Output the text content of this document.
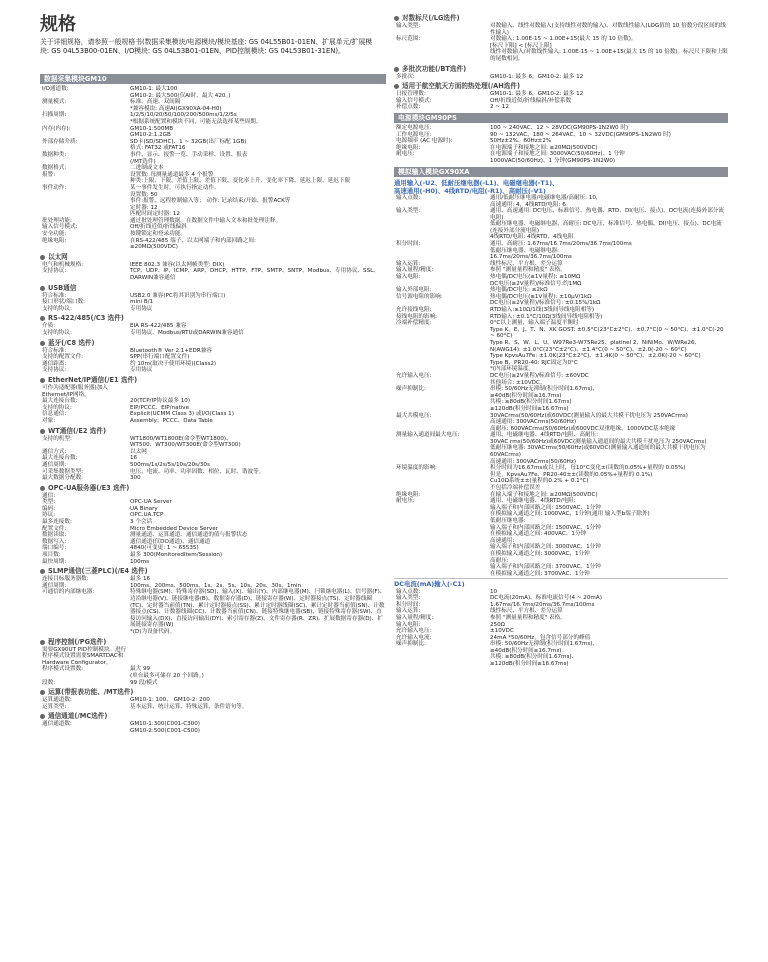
规格
关于详细规格，请参照一般规格书(数据采集模块/电源模块/模块基座: GS 04L55B01-01EN、扩展单元/扩展模块: GS 04L53B00-01EN、I/O模块: GS 04L53B01-01EN、PID控制模块: GS 04L53B01-31EN)。
数据采集模块GM10
I/O通道数:	GM10-1: 最大100
GM10-2: 最大500(仅AI时，最大 420。)
测量模式:	标准、高速、双间隔
*兼容模块: 高速AI(GX90XA-04-H0)
扫描周期:	1/2/5/10/20/50/100/200/500ms/1/2/5s
*根据系统配置和模块不同，可能无法选择某些周期。
内存(内存):	GM10-1:500MB
GM10-2:1.2GB
外部存储介质:	SD卡(SD/SDHC)、1 ~ 32GB(出厂标配 1GB)
格式: FAT32 或FAT16
数据种类:	事件、显示、报警一览、手动采样、设置、报表
(/MT选件)
数据格式:	二进制或文本
报警:	设置数: 每测量通道最多 4 个报警
种类:上限、下限、差值上限、差值下限、变化率上升、变化率下降、延迟上限、延迟下限
事件动作:	某一事件发生时，可执行指定动作。
设置数: 50
事件:报警、远程控制输入等； 动作: 记录结束/开始、报警ACK等
定时器: 12
匹配时间定时器: 12
批处理功能:	通过批处理管理数据。在数据文件中输入文本和批处理注释。
输入信号模式:	Off/折线近似/折线偏斜
安全功能:	按键锁定和登录功能。
绝缘电阻:	在RS-422/485 端子、以太网端子和内部回路之间:
≥20MΩ(500VDC)
以太网
电气和机械规格:	IEEE 802.3 兼容(以太网帧类型: DIX)
支持协议:	TCP、UDP、IP、ICMP、ARP、DHCP、HTTP、FTP、SMTP、SNTP、Modbus、专用协议、SSL、DARWIN兼容通信
USB通信
符合标准:	USB2.0 兼容(PC将其识别为串行端口)
接口形状/端口数:	mini B/1
支持的协议:	专用协议
RS-422/485(/C3 选件)
介质:	EIA RS-422/485 兼容
支持的协议:	专用协议、Modbus/RTU或DARWIN兼容通信
蓝牙(/C8 选件)
符合标准:	Bluetooth® Ver 2.1+EDR兼容
支持的配置文件:	SPP(串行端口配置文件)
通信距离:	约 10m(取决于使用环境)(Class2)
支持协议:	专用协议
EtherNet/IP通信(/E1 选件)
可作为适配器(服务器)加入Ethernet/IP网络。
最大连接台数:	20(TCP/IP协议最多 10)
支持的协议:	EIP/PCCC、EIP/native
信息通信:	Explicit(UCMM Class 3) 或I/O(Class 1)
对象:	Assembly、PCCC、Data Table
WT通信(/E2 选件)
支持的机型:	WT1800/WT1800E(命令型WT1800)、
WT500、WT300/WT300E(命令型WT300)
通信方式:	以太网
最大连接台数:	16
通信周期:	500ms/1s/2s/5s/10s/20s/30s
可采集数据类型:	电压、电流、功率、功率因数、相位、瓦时、谐波等。
最大数据分配数:	300
OPC-UA服务器(/E3 选件)
通信:
类型:	OPC-UA Server
编码:	UA Binary
协议:	OPC.UA.TCP
最多连接数:	3 个会话
配置文件:	Micro Embedded Device Server
数据读取:	测量通道、运算通道、通信通道的值与报警状态
数据写入:	通信通道(仅DO通道)、通信通道
端口编号:	4840(可变更: 1 ~ 65535)
项目数:	最多 300(MonitoredItem/Session)
最快周期:	100ms
SLMP通信(三菱PLC)(/E4 选件)
连接目标服务器数:	最多 16
通信周期:	100ms、200ms、500ms、1s、2s、5s、10s、20s、30s、1min
可通信的内部继电器:	特殊继电器(SM)、特殊寄存器(SD)、输入(X)、输出(Y)、内部继电器(M)、闩锁继电器(L)、信号器(F)、边沿继电器(V)、链接继电器(B)、数据寄存器(D)、链接寄存器(W)、定时器接点(TS)、定时器线圈(TC)、定时器当前值(TN)、累计定时器接点(SS)、累计定时器线圈(SC)、累计定时器当前值(SN)、计数器接点(CS)、计数器线圈(CC)、计数器当前值(CN)、链接特殊继电器(SB)、链接特殊寄存器(SW)、直接访问输入(DX)、直接访问输出(DY)、索引寄存器(Z)、文件寄存器(R、ZR)、扩展数据寄存器(D)、扩展链接寄存器(W)
*(D)为设备代码。
程序控制(/PG选件)
需要GX90UT PID控制模块。进行程序模式设置需要SMARTDAC和 Hardware Configurator。
程序模式设置数:	最大 99
(单台最多可储存 20 个回路。)
段数:	99 段/模式
运算(带报表功能、/MT选件)
运算通道数:	GM10-1: 100， GM10-2: 200
运算类型:	基本运算、统计运算、特殊运算、条件语句等。
通信通道(/MC选件)
通信通道数:	GM10-1:300(C001-C300)
GM10-2:500(C001-C500)
对数标尺(/LG选件)
输入类型:	对数输入、线性对数输入(支持线性对数的输入)、对数线性输入(LOG值的 10 倍数分段区间的线性输入)
标尺范围:	对数输入: 1.00E-15 ~ 1.00E+15(最大 15 的 10 倍数)。
[标尺下限] < [标尺上限]
线性对数输入/对数线性输入: 1.00E-15 ~ 1.00E+15(最大 15 的 10 倍数)。标尺尺下限和上限的尾数相同。
多批次功能(/BT选件)
多批次:	GM10-1: 最多 6，GM10-2: 最多 12
适用于航空航天方面的热处理(/AH选件)
日报管理数:	GM10-1: 最多 6，GM10-2: 最多 12
输入信号模式:	Off/折线近似/折线偏斜/补偿系数
补偿点数:	2 ~ 12
电源模块GM90PS
额定电源电压:	100 ~ 240VAC、12 ~ 28VDC(GM90PS-1N2W0 时)
工作电源电压:	90 ~ 132VAC、180 ~ 264VAC、10 ~ 32VDC(GM90PS-1N2W0 时)
电源频率 (AC 电源时):	50Hz±2%、60Hz±2%
绝缘电阻:	在电源端子和接地之间: ≥20MΩ(500VDC)
耐电压:	在电源端子和接地之间: 3000VAC(50/60Hz)、1 分钟
1000VAC(50/60Hz)、1 分钟(GM90PS-1N2W0)
模拟输入模块GX90XA
通用输入(-U2、低耐压继电器(-L1)、电磁继电器(-T1)、
高速通用(-H0)、4线RTD/电阻(-R1)、高耐压(-V1)
输入点数:	通用/低耐压继电器/电磁继电器/高耐压: 10，
高速通用: 4，4线RTD/电阻: 6
输入类型:	通用、高速通用: DC电压、标准信号、热电偶、RTD、DI(电压、接点)、DC电流(连接外部分流电阻)
低耐压继电器、电磁继电器、高耐压: DC电压、标准信号、热电偶、DI(电压、接点)、DC电流(连接外部分流电阻)
4线RTD/电阻: 4线RTD、4线电阻
积分时间:	通用、高耐压: 1.67ms/16.7ms/20ms/36.7ms/100ms
低耐压继电器、电磁继电器:
16.7ms/20ms/36.7ms/100ms
输入运算:	线性标尺、平方根、差分运算
输入量程/精度:	参照 "测量量程和精度" 表格。
输入电阻:	热电偶/DC电压(≤1V量程): ≥10MΩ
DC电压(≥2V量程)/标准信号:约1MΩ
输入外部电阻:	热电偶/DC电压: ≤2kΩ
信号源电阻的影响:	热电偶/DC电压(≤1V量程): ±10μV/1kΩ
DC电压(≥2V量程)/标准信号: ±0.15%/1kΩ
允许接线电阻:	RTD输入:≤10Ω/1线(3线间导线电阻相等)
接线电阻的影响:	RTD输入: ±0.1°C/10Ω(3线间导线电阻相等)
冷端补偿精度:	0°C以上测量，输入端子温度平衡时
Type K、E、J、T、N、XK GOST: ±0.5°C(23°C±2°C)、±0.7°C(0 ~ 50°C)、±1.0°C(-20 ~ 60°C)
Type R、S、W、L、U、W97Re3-W75Re25、platinel 2、NiNiMo、W/WRe26、N(AWG14): ±1.0°C(23°C±2°C)、±1.4°C(0 ~ 50°C)、±2.0(-20 ~ 60°C)
Type KpvsAu7Fe: ±1.0K(23°C±2°C)、±1.4K(0 ~ 50°C)、±2.0K(-20 ~ 60°C)
Type B、PR20-40: RJC固定为0°C
*(内部环境温度。
允许输入电压:	DC电压(≥2V量程)/标准信号: ±60VDC
其他场合: ±10VDC。
噪声抑制比:	串模: 50/60Hz无抑制(积分时间1.67ms)、
≥40dB(积分时间≥16.7ms)
共模: ≥80dB(积分时间1.67ms)
≥120dB(积分时间≥16.67ms)
最大共模电压:	30VACrms(50/60Hz)或60VDC(测量输入的最大共模干扰电压为 250VACrms)
高速通用: 300VACrms(50/60Hz)
高耐压: 600VACrms(50/60Hz)或600VDC双重绝缘，1000VDC基本绝缘
测量输入通道间最大电压:	通用、电磁继电器、4线RTD/电阻、高耐压:
30VAC rms(50/60Hz)或60VDC(测量输入通道间的最大共模干扰电压为 250VACrms)
低耐压继电器: 30VACrms(50/60Hz)或60VDC(测量输入通道间的最大共模干扰电压为60VACrms)
高速通用: 300VACrms(50/60Hz)
环境温度的影响:	积分时间为16.67ms或以上时，每10°C变化±(读数的0.05%+量程的 0.05%)
但是，KpvsAu7Fe、PR20-40±±(读数的0.05%+量程的 0.1%)
Cu10Ω系统±±(量程的0.2% + 0.1°C)
不包括冷端补偿误差
绝缘电阻:	在输入端子和接地之间: ≥20MΩ(500VDC)
耐电压:	通用、电磁继电器、4线RTD/电阻:
输入端子和内部回路之间: 1500VAC、1分钟
在模拟输入通道之间: 1000VAC、1分钟(通用 输入型b端子除外)
低耐压继电器:
输入端子和内部回路之间: 1500VAC、1分钟
在模拟输入通道之间: 400VAC、1分钟
高速通用:
输入端子和内部回路之间: 3000VAC、1分钟
在模拟输入通道之间: 3000VAC、1分钟
高耐压:
输入端子和内部回路之间: 3700VAC、1分钟
在模拟输入通道之间: 3700VAC、1分钟
DC电流(mA)输入(-C1)
输入点数:	10
输入类型:	DC电流(20mA)、标准电流信号(4 ~ 20mA)
积分时间:	1.67ms/16.7ms/20ms/36.7ms/100ms
输入运算:	线性标尺、平方根、差分运算
输入量程/精度:	参照 "测量量程和精度" 表格。
输入电阻:	250Ω
允许输入电压:	±10VDC
允许输入电流:	24mA *50/60Hz，包含信号部分的峰值
噪声抑制比:	串模: 50/60Hz无抑制(积分时间1.67ms)、
≥40dB(积分时间≥16.7ms)
共模: ≥80dB(积分时间1.67ms)、
≥120dB(积分时间≥16.67ms)
